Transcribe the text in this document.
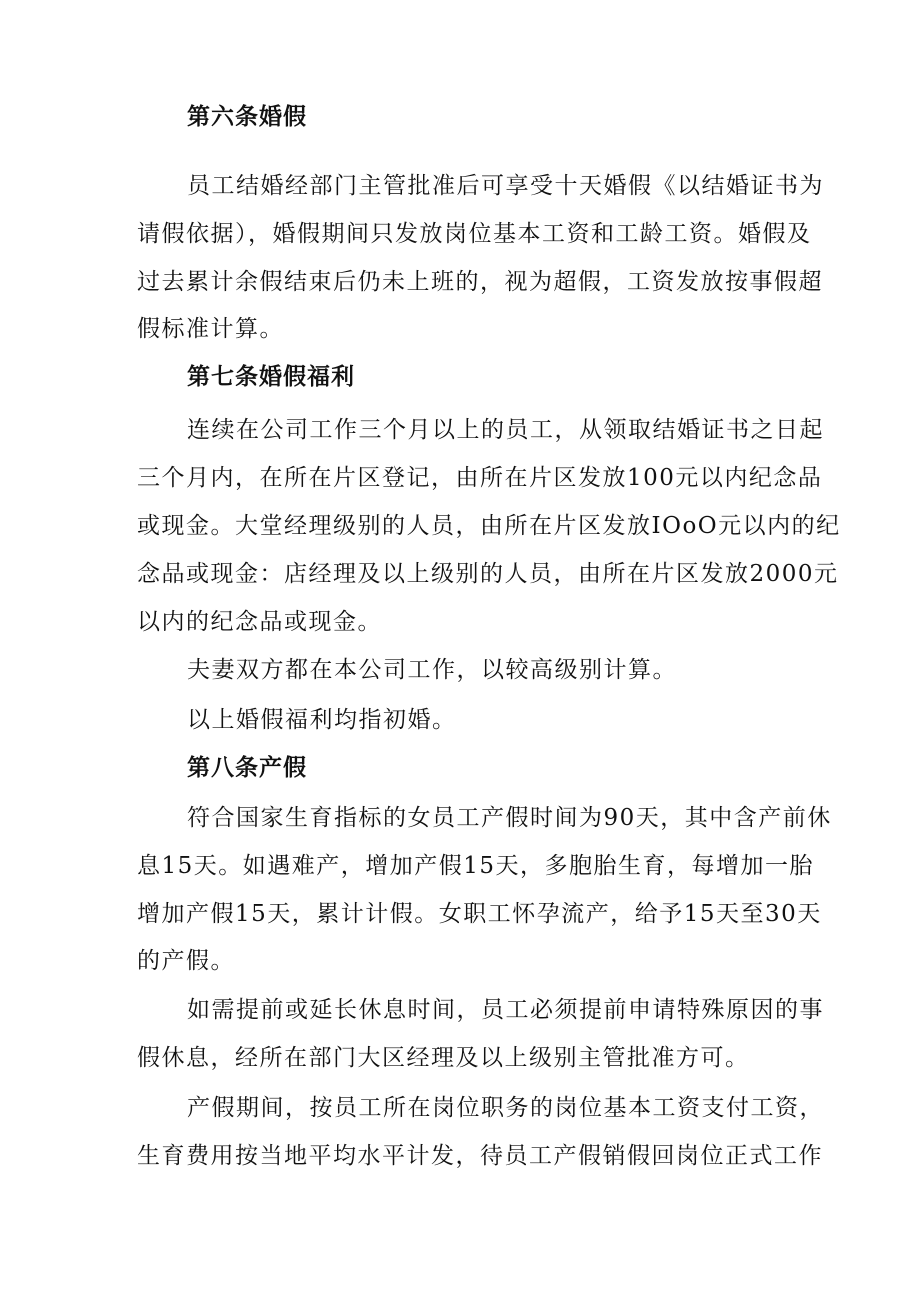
第六条婚假
员工结婚经部门主管批准后可享受十天婚假《以结婚证书为
请假依据），婚假期间只发放岗位基本工资和工龄工资。婚假及
过去累计余假结束后仍未上班的，视为超假，工资发放按事假超
假标准计算。
第七条婚假福利
连续在公司工作三个月以上的员工，从领取结婚证书之日起
三个月内，在所在片区登记，由所在片区发放100元以内纪念品
或现金。大堂经理级别的人员，由所在片区发放IOoO元以内的纪
念品或现金：店经理及以上级别的人员，由所在片区发放2000元
以内的纪念品或现金。
夫妻双方都在本公司工作，以较高级别计算。
以上婚假福利均指初婚。
第八条产假
符合国家生育指标的女员工产假时间为90天，其中含产前休
息15天。如遇难产，增加产假15天，多胞胎生育，每增加一胎
增加产假15天，累计计假。女职工怀孕流产，给予15天至30天
的产假。
如需提前或延长休息时间，员工必须提前申请特殊原因的事
假休息，经所在部门大区经理及以上级别主管批准方可。
产假期间，按员工所在岗位职务的岗位基本工资支付工资，
生育费用按当地平均水平计发，待员工产假销假回岗位正式工作
